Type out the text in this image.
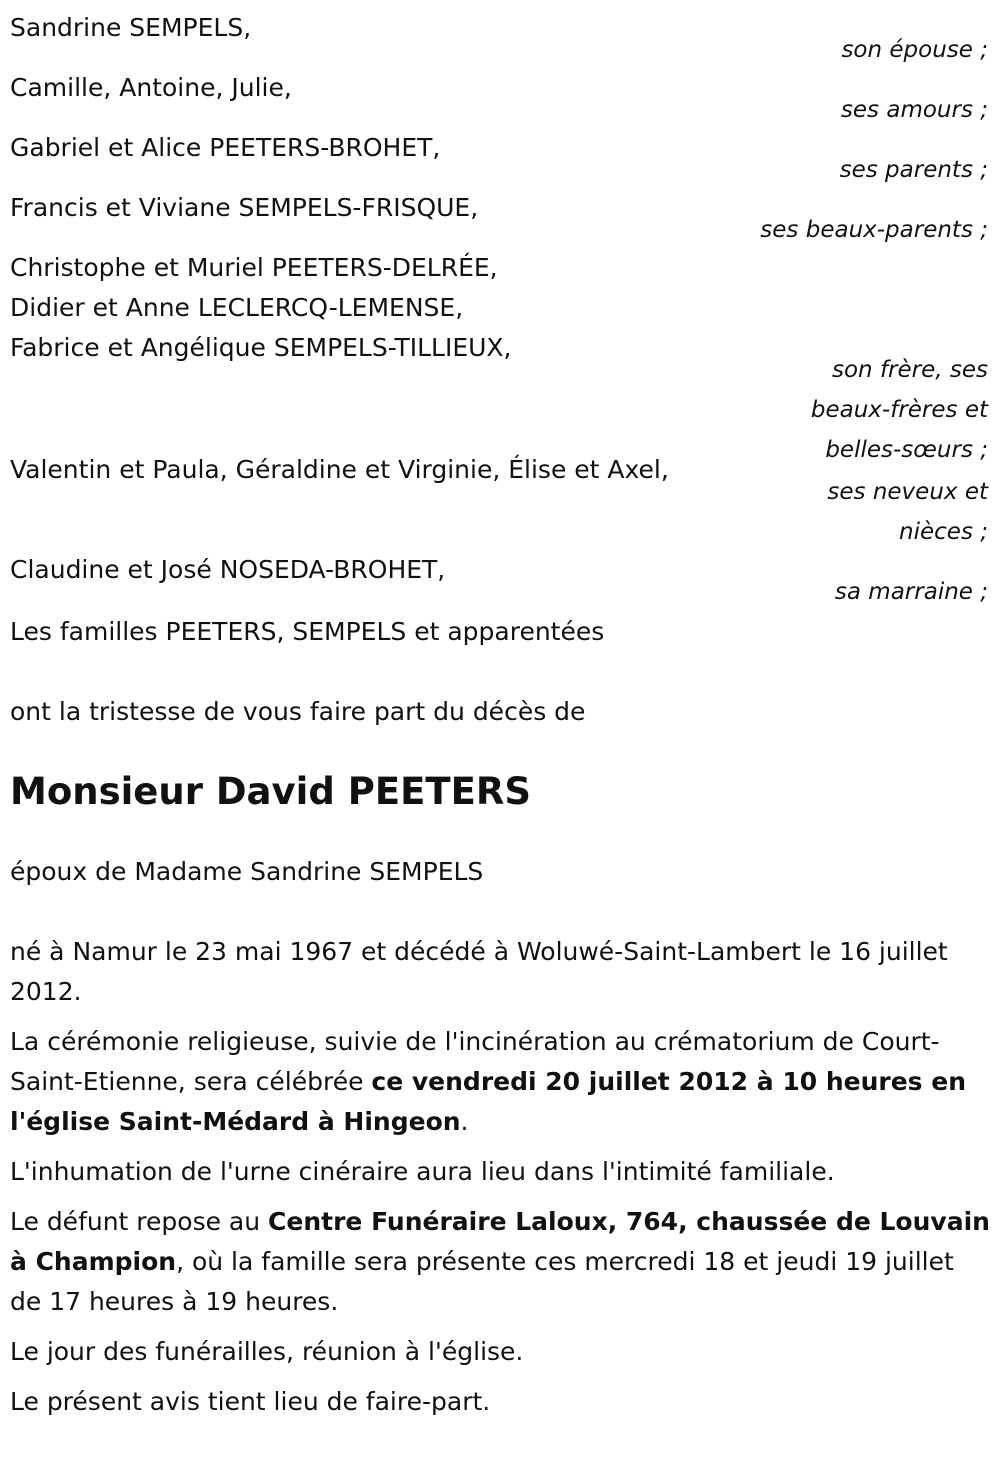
Sandrine SEMPELS,
son épouse ;
Camille, Antoine, Julie,
ses amours ;
Gabriel et Alice PEETERS-BROHET,
ses parents ;
Francis et Viviane SEMPELS-FRISQUE,
ses beaux-parents ;
Christophe et Muriel PEETERS-DELRÉE,
Didier et Anne LECLERCQ-LEMENSE,
Fabrice et Angélique SEMPELS-TILLIEUX,
son frère, ses
beaux-frères et
belles-sœurs ;
Valentin et Paula, Géraldine et Virginie, Élise et Axel,
ses neveux et
nièces ;
Claudine et José NOSEDA-BROHET,
sa marraine ;

Les familles PEETERS, SEMPELS et apparentées

ont la tristesse de vous faire part du décès de

Monsieur David PEETERS

époux de Madame Sandrine SEMPELS

né à Namur le 23 mai 1967 et décédé à Woluwé-Saint-Lambert le 16 juillet 2012.

La cérémonie religieuse, suivie de l'incinération au crématorium de Court-Saint-Etienne, sera célébrée ce vendredi 20 juillet 2012 à 10 heures en l'église Saint-Médard à Hingeon.

L'inhumation de l'urne cinéraire aura lieu dans l'intimité familiale.

Le défunt repose au Centre Funéraire Laloux, 764, chaussée de Louvain à Champion, où la famille sera présente ces mercredi 18 et jeudi 19 juillet de 17 heures à 19 heures.

Le jour des funérailles, réunion à l'église.

Le présent avis tient lieu de faire-part.
